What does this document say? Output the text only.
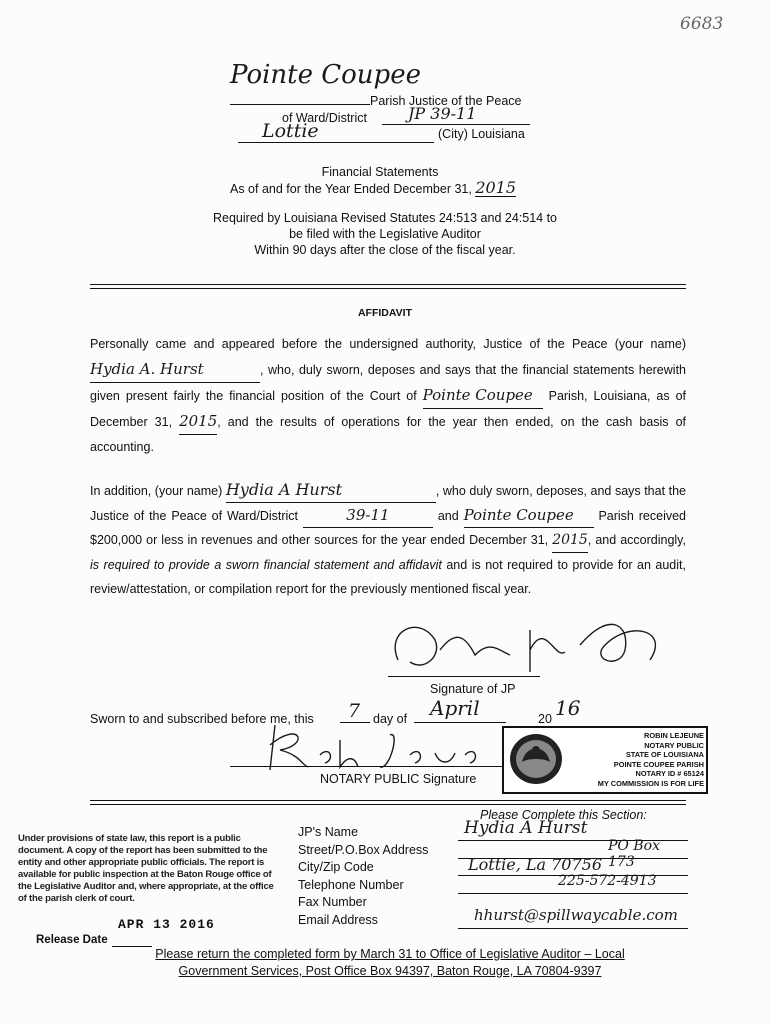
6683
Pointe Coupee
Parish Justice of the Peace
of Ward/District	JP 39-11
Lottie	(City) Louisiana
Financial Statements
As of and for the Year Ended December 31, 2015
Required by Louisiana Revised Statutes 24:513 and 24:514 to
be filed with the Legislative Auditor
Within 90 days after the close of the fiscal year.
AFFIDAVIT
Personally came and appeared before the undersigned authority, Justice of the Peace (your name) Hydia A. Hurst	, who, duly sworn, deposes and says that the financial statements herewith given present fairly the financial position of the Court of Pointe Coupee Parish, Louisiana, as of December 31, 2015, and the results of operations for the year then ended, on the cash basis of accounting.
In addition, (your name) Hydia A Hurst	, who duly sworn, deposes, and says that the Justice of the Peace of Ward/District	39-11	and Pointe Coupee Parish received $200,000 or less in revenues and other sources for the year ended December 31, 2015, and accordingly, is required to provide a sworn financial statement and affidavit and is not required to provide for an audit, review/attestation, or compilation report for the previously mentioned fiscal year.
Signature of JP
Sworn to and subscribed before me, this 7 day of April	20 16
NOTARY PUBLIC Signature
ROBIN LEJEUNE
NOTARY PUBLIC
STATE OF LOUISIANA
POINTE COUPEE PARISH
NOTARY ID # 65124
MY COMMISSION IS FOR LIFE
Please Complete this Section:
JP's Name	Hydia A Hurst
Street/P.O.Box Address	PO Box 173
City/Zip Code	Lottie, La 70756
Telephone Number	225-572-4913
Fax Number
Email Address	hhurst@spillwaycable.com
Under provisions of state law, this report is a public document. A copy of the report has been submitted to the entity and other appropriate public officials. The report is available for public inspection at the Baton Rouge office of the Legislative Auditor and, where appropriate, at the office of the parish clerk of court.
APR 13 2016
Release Date
Please return the completed form by March 31 to Office of Legislative Auditor – Local
Government Services, Post Office Box 94397, Baton Rouge, LA 70804-9397
